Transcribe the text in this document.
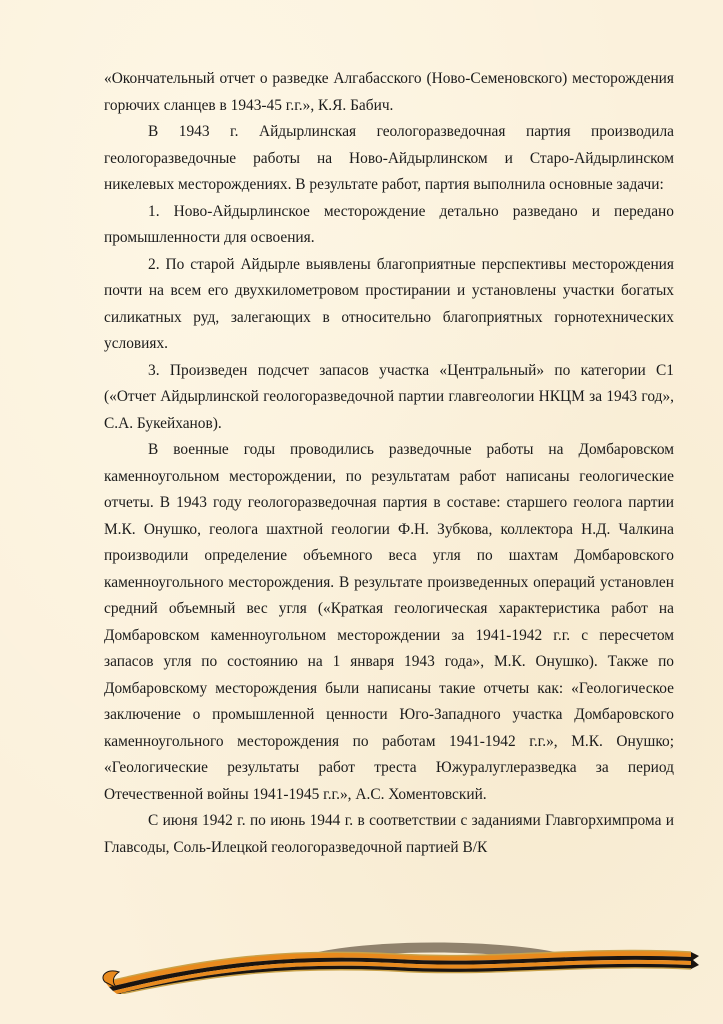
«Окончательный отчет о разведке Алгабасского (Ново-Семеновского) месторождения горючих сланцев в 1943-45 г.г.», К.Я. Бабич.

В 1943 г. Айдырлинская геологоразведочная партия производила геологоразведочные работы на Ново-Айдырлинском и Старо-Айдырлинском никелевых месторождениях. В результате работ, партия выполнила основные задачи:

1. Ново-Айдырлинское месторождение детально разведано и передано промышленности для освоения.

2. По старой Айдырле выявлены благоприятные перспективы месторождения почти на всем его двухкилометровом простирании и установлены участки богатых силикатных руд, залегающих в относительно благоприятных горнотехнических условиях.

3. Произведен подсчет запасов участка «Центральный» по категории С1 («Отчет Айдырлинской геологоразведочной партии главгеологии НКЦМ за 1943 год», С.А. Букейханов).

В военные годы проводились разведочные работы на Домбаровском каменноугольном месторождении, по результатам работ написаны геологические отчеты. В 1943 году геологоразведочная партия в составе: старшего геолога партии М.К. Онушко, геолога шахтной геологии Ф.Н. Зубкова, коллектора Н.Д. Чалкина производили определение объемного веса угля по шахтам Домбаровского каменноугольного месторождения. В результате произведенных операций установлен средний объемный вес угля («Краткая геологическая характеристика работ на Домбаровском каменноугольном месторождении за 1941-1942 г.г. с пересчетом запасов угля по состоянию на 1 января 1943 года», М.К. Онушко). Также по Домбаровскому месторождения были написаны такие отчеты как: «Геологическое заключение о промышленной ценности Юго-Западного участка Домбаровского каменноугольного месторождения по работам 1941-1942 г.г.», М.К. Онушко; «Геологические результаты работ треста Южуралуглеразведка за период Отечественной войны 1941-1945 г.г.», А.С. Хоментовский.

С июня 1942 г. по июнь 1944 г. в соответствии с заданиями Главгорхимпрома и Главсоды, Соль-Илецкой геологоразведочной партией В/К
